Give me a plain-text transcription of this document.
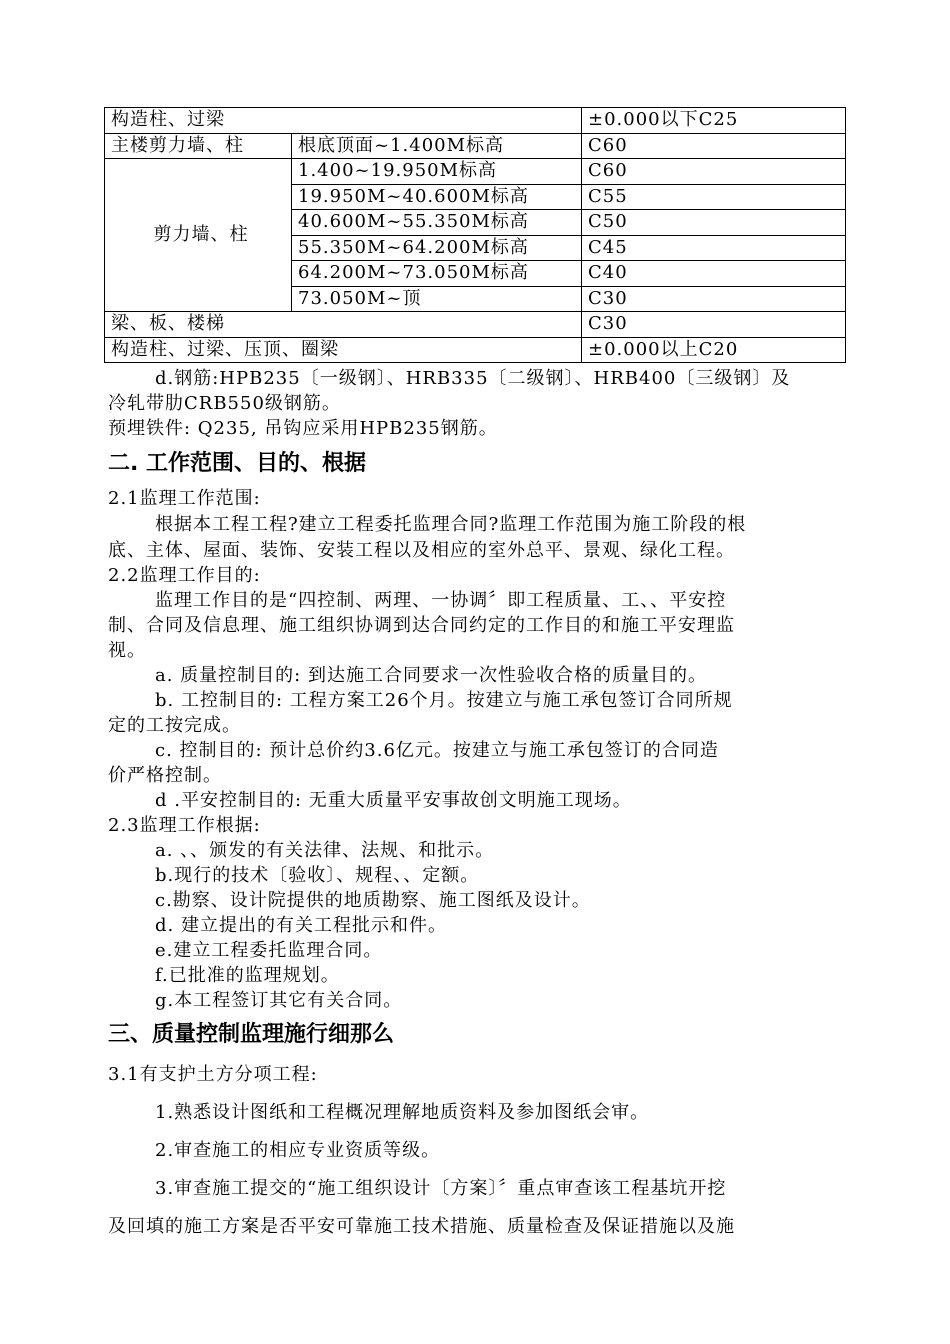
构造柱、过梁		±0.000以下C25
主楼剪力墙、柱	根底顶面~1.400M标高	C60
剪力墙、柱	1.400~19.950M标高	C60
	19.950M~40.600M标高	C55
	40.600M~55.350M标高	C50
	55.350M~64.200M标高	C45
	64.200M~73.050M标高	C40
	73.050M~顶	C30
梁、板、楼梯		C30
构造柱、过梁、压顶、圈梁		±0.000以上C20
d.钢筋:HPB235〔一级钢〕、HRB335〔二级钢〕、HRB400〔三级钢〕及
冷轧带肋CRB550级钢筋。
预埋铁件: Q235, 吊钩应采用HPB235钢筋。
二. 工作范围、目的、根据
2.1监理工作范围:
根据本工程工程?建立工程委托监理合同?监理工作范围为施工阶段的根
底、主体、屋面、装饰、安装工程以及相应的室外总平、景观、绿化工程。
2.2监理工作目的:
监理工作目的是“四控制、两理、一协调〞即工程质量、工、、平安控
制、合同及信息理、施工组织协调到达合同约定的工作目的和施工平安理监
视。
a. 质量控制目的: 到达施工合同要求一次性验收合格的质量目的。
b. 工控制目的: 工程方案工26个月。按建立与施工承包签订合同所规
定的工按完成。
c. 控制目的: 预计总价约3.6亿元。按建立与施工承包签订的合同造
价严格控制。
d .平安控制目的: 无重大质量平安事故创文明施工现场。
2.3监理工作根据:
a. 、、颁发的有关法律、法规、和批示。
b.现行的技术〔验收〕、规程、、定额。
c.勘察、设计院提供的地质勘察、施工图纸及设计。
d. 建立提出的有关工程批示和件。
e.建立工程委托监理合同。
f.已批准的监理规划。
g.本工程签订其它有关合同。
三、质量控制监理施行细那么
3.1有支护土方分项工程:
1.熟悉设计图纸和工程概况理解地质资料及参加图纸会审。
2.审查施工的相应专业资质等级。
3.审查施工提交的“施工组织设计〔方案〕〞重点审查该工程基坑开挖
及回填的施工方案是否平安可靠施工技术措施、质量检查及保证措施以及施
